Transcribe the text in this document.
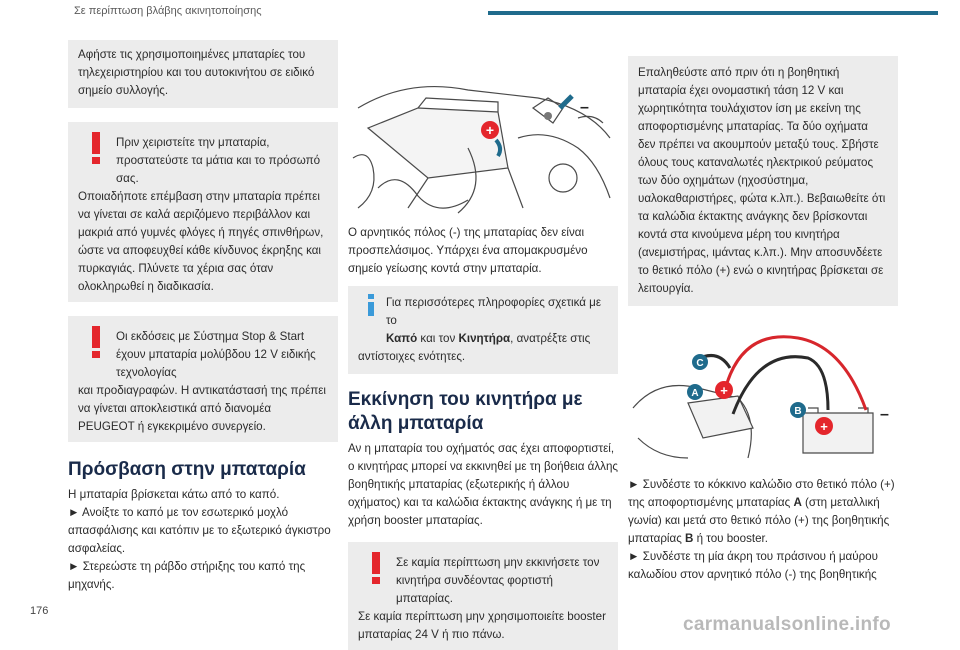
Σε περίπτωση βλάβης ακινητοποίησης
Αφήστε τις χρησιμοποιημένες μπαταρίες του τηλεχειριστηρίου και του αυτοκινήτου σε ειδικό σημείο συλλογής.
Πριν χειριστείτε την μπαταρία, προστατεύστε τα μάτια και το πρόσωπό σας.
Οποιαδήποτε επέμβαση στην μπαταρία πρέπει να γίνεται σε καλά αεριζόμενο περιβάλλον και μακριά από γυμνές φλόγες ή πηγές σπινθήρων, ώστε να αποφευχθεί κάθε κίνδυνος έκρηξης και πυρκαγιάς. Πλύνετε τα χέρια σας όταν ολοκληρωθεί η διαδικασία.
Οι εκδόσεις με Σύστημα Stop & Start έχουν μπαταρία μολύβδου 12 V ειδικής τεχνολογίας
και προδιαγραφών. Η αντικατάστασή της πρέπει να γίνεται αποκλειστικά από διανομέα PEUGEOT ή εγκεκριμένο συνεργείο.
Πρόσβαση στην μπαταρία
Η μπαταρία βρίσκεται κάτω από το καπό.
► Ανοίξτε το καπό με τον εσωτερικό μοχλό απασφάλισης και κατόπιν με το εξωτερικό άγκιστρο ασφαλείας.
► Στερεώστε τη ράβδο στήριξης του καπό της μηχανής.
+
–
Ο αρνητικός πόλος (-) της μπαταρίας δεν είναι προσπελάσιμος. Υπάρχει ένα απομακρυσμένο σημείο γείωσης κοντά στην μπαταρία.
Για περισσότερες πληροφορίες σχετικά με το Καπό και τον Κινητήρα, ανατρέξτε στις αντίστοιχες ενότητες.
Εκκίνηση του κινητήρα με άλλη μπαταρία
Αν η μπαταρία του οχήματός σας έχει αποφορτιστεί, ο κινητήρας μπορεί να εκκινηθεί με τη βοήθεια άλλης βοηθητικής μπαταρίας (εξωτερικής ή άλλου οχήματος) και τα καλώδια έκτακτης ανάγκης ή με τη χρήση booster μπαταρίας.
Σε καμία περίπτωση μην εκκινήσετε τον κινητήρα συνδέοντας φορτιστή μπαταρίας.
Σε καμία περίπτωση μην χρησιμοποιείτε booster μπαταρίας 24 V ή πιο πάνω.
Επαληθεύστε από πριν ότι η βοηθητική μπαταρία έχει ονομαστική τάση 12 V και χωρητικότητα τουλάχιστον ίση με εκείνη της αποφορτισμένης μπαταρίας. Τα δύο οχήματα δεν πρέπει να ακουμπούν μεταξύ τους. Σβήστε όλους τους καταναλωτές ηλεκτρικού ρεύματος των δύο οχημάτων (ηχοσύστημα, υαλοκαθαριστήρες, φώτα κ.λπ.). Βεβαιωθείτε ότι τα καλώδια έκτακτης ανάγκης δεν βρίσκονται κοντά στα κινούμενα μέρη του κινητήρα (ανεμιστήρας, ιμάντας κ.λπ.). Μην αποσυνδέετε το θετικό πόλο (+) ενώ ο κινητήρας βρίσκεται σε λειτουργία.
+
+
–
A
B
C
► Συνδέστε το κόκκινο καλώδιο στο θετικό πόλο (+) της αποφορτισμένης μπαταρίας A (στη μεταλλική γωνία) και μετά στο θετικό πόλο (+) της βοηθητικής μπαταρίας B ή του booster.
► Συνδέστε τη μία άκρη του πράσινου ή μαύρου καλωδίου στον αρνητικό πόλο (-) της βοηθητικής
176
carmanualsonline.info
